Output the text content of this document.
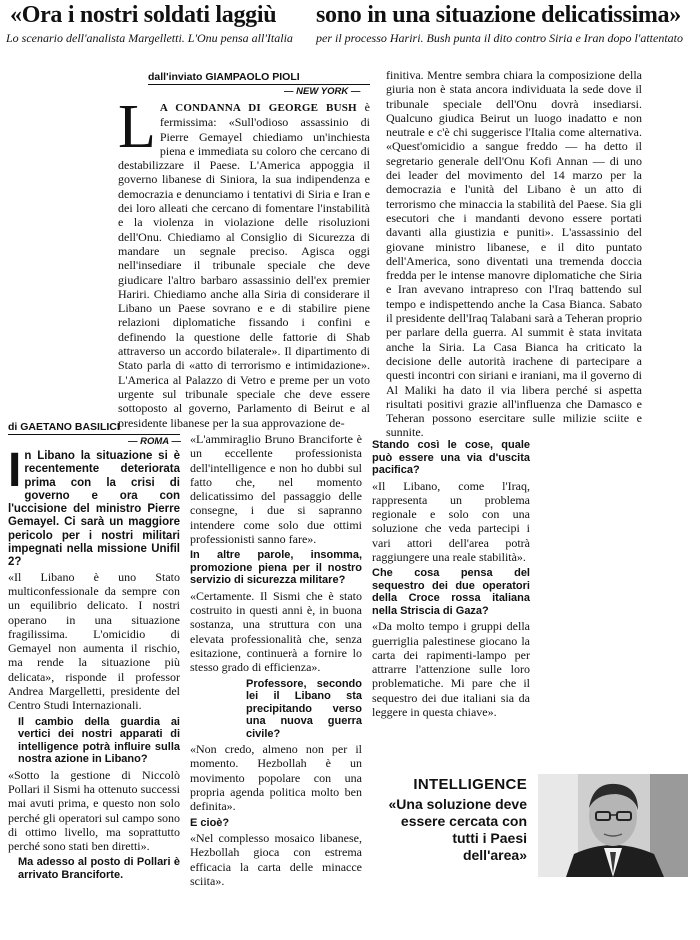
«Ora i nostri soldati laggiù sono in una situazione delicatissima»
Lo scenario dell'analista Margelletti. L'Onu pensa all'Italia per il processo Hariri. Bush punta il dito contro Siria e Iran dopo l'attentato
dall'inviato GIAMPAOLO PIOLI
— NEW YORK —
L A CONDANNA DI GEORGE BUSH è fermissima: «Sull'odioso assassinio di Pierre Gemayel chiediamo un'inchiesta piena e immediata su coloro che cercano di destabilizzare il Paese. L'America appoggia il governo libanese di Siniora, la sua indipendenza e democrazia e denunciamo i tentativi di Siria e Iran e dei loro alleati che cercano di fomentare l'instabilità e la violenza in violazione delle risoluzioni dell'Onu. Chiediamo al Consiglio di Sicurezza di mandare un segnale preciso. Agisca oggi nell'insediare il tribunale speciale che deve giudicare l'altro barbaro assassinio dell'ex premier Hariri. Chiediamo anche alla Siria di considerare il Libano un Paese sovrano e e di stabilire piene relazioni diplomatiche fissando i confini e definendo la questione delle fattorie di Shab attraverso un accordo bilaterale». Il dipartimento di Stato parla di «atto di terrorismo e intimidazione». L'America al Palazzo di Vetro e preme per un voto urgente sul tribunale speciale che deve essere sottoposto al governo, Parlamento di Beirut e al presidente libanese per la sua approvazione de-

finitiva. Mentre sembra chiara la composizione della giuria non è stata ancora individuata la sede dove il tribunale speciale dell'Onu dovrà insediarsi. Qualcuno giudica Beirut un luogo inadatto e non neutrale e c'è chi suggerisce l'Italia come alternativa. «Quest'omicidio a sangue freddo — ha detto il segretario generale dell'Onu Kofi Annan — di uno dei leader del movimento del 14 marzo per la democrazia e l'unità del Libano è un atto di terrorismo che minaccia la stabilità del Paese. Sia gli esecutori che i mandanti devono essere portati davanti alla giustizia e puniti». L'assassinio del giovane ministro libanese, e il dito puntato dell'America, sono diventati una tremenda doccia fredda per le intense manovre diplomatiche che Siria e Iran avevano intrapreso con l'Iraq battendo sul tempo e indispettendo anche la Casa Bianca. Sabato il presidente dell'Iraq Talabani sarà a Teheran proprio per parlare della guerra. Al summit è stata invitata anche la Siria. La Casa Bianca ha criticato la decisione delle autorità irachene di partecipare a questi incontri con siriani e iraniani, ma il governo di Al Maliki ha dato il via libera perché si aspetta risultati positivi grazie all'influenza che Damasco e Teheran possono esercitare sulle milizie sciite e sunnite.

di GAETANO BASILICI
— ROMA —
In Libano la situazione si è recentemente deteriorata prima con la crisi di governo e ora con l'uccisione del ministro Pierre Gemayel. Ci sarà un maggiore pericolo per i nostri militari impegnati nella missione Unifil 2?

«Il Libano è uno Stato multiconfessionale da sempre con un equilibrio delicato. I nostri operano in una situazione fragilissima. L'omicidio di Gemayel non aumenta il rischio, ma rende la situazione più delicata», risponde il professor Andrea Margelletti, presidente del Centro Studi Internazionali.

Il cambio della guardia ai vertici dei nostri apparati di intelligence potrà influire sulla nostra azione in Libano?

«Sotto la gestione di Niccolò Pollari il Sismi ha ottenuto successi mai avuti prima, e questo non solo perché gli operatori sul campo sono di ottimo livello, ma soprattutto perché sono stati ben diretti».

Ma adesso al posto di Pollari è arrivato Branciforte.

«L'ammiraglio Bruno Branciforte è un eccellente professionista dell'intelligence e non ho dubbi sul fatto che, nel momento delicatissimo del passaggio delle consegne, i due si sapranno intendere come solo due ottimi professionisti sanno fare».

In altre parole, insomma, promozione piena per il nostro servizio di sicurezza militare?

«Certamente. Il Sismi che è stato costruito in questi anni è, in buona sostanza, una struttura con una elevata professionalità che, senza esitazione, continuerà a fornire lo stesso grado di efficienza».

Professore, secondo lei il Libano sta precipitando verso una nuova guerra civile?

«Non credo, almeno non per il momento. Hezbollah è un movimento popolare con una propria agenda politica molto ben definita».

E cioè?

«Nel complesso mosaico libanese, Hezbollah gioca con estrema efficacia la carta delle minacce sciita».

Stando così le cose, quale può essere una via d'uscita pacifica?

«Il Libano, come l'Iraq, rappresenta un problema regionale e solo con una soluzione che veda partecipi i vari attori dell'area potrà raggiungere una reale stabilità».

Che cosa pensa del sequestro dei due operatori della Croce rossa italiana nella Striscia di Gaza?

«Da molto tempo i gruppi della guerriglia palestinese giocano la carta dei rapimenti-lampo per attrarre l'attenzione sulle loro problematiche. Mi pare che il sequestro dei due italiani sia da leggere in questa chiave».

INTELLIGENCE
«Una soluzione deve essere cercata con tutti i Paesi dell'area»
